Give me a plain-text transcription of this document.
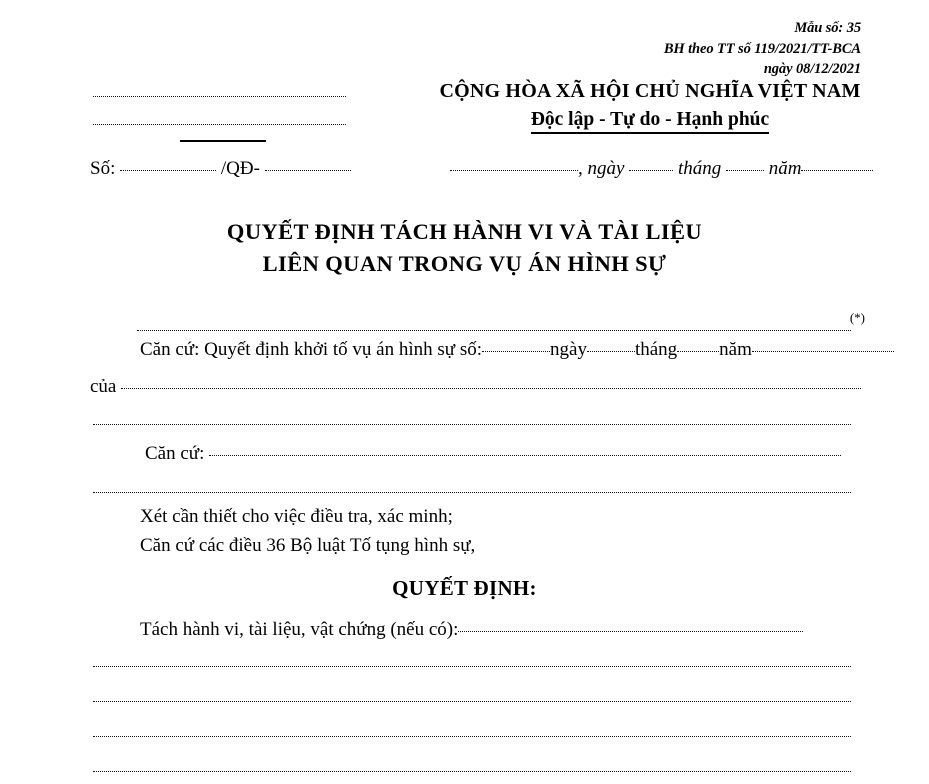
Mẫu số: 35
BH theo TT số 119/2021/TT-BCA
ngày 08/12/2021
CỘNG HÒA XÃ HỘI CHỦ NGHĨA VIỆT NAM
Độc lập - Tự do - Hạnh phúc
Số:	/QĐ-	, ngày	tháng	năm
QUYẾT ĐỊNH TÁCH HÀNH VI VÀ TÀI LIỆU
LIÊN QUAN TRONG VỤ ÁN HÌNH SỰ
(*)
Căn cứ: Quyết định khởi tố vụ án hình sự số:	ngày	tháng năm
của
Căn cứ:
Xét cần thiết cho việc điều tra, xác minh;
Căn cứ các điều 36 Bộ luật Tố tụng hình sự,
QUYẾT ĐỊNH:
Tách hành vi, tài liệu, vật chứng (nếu có):
